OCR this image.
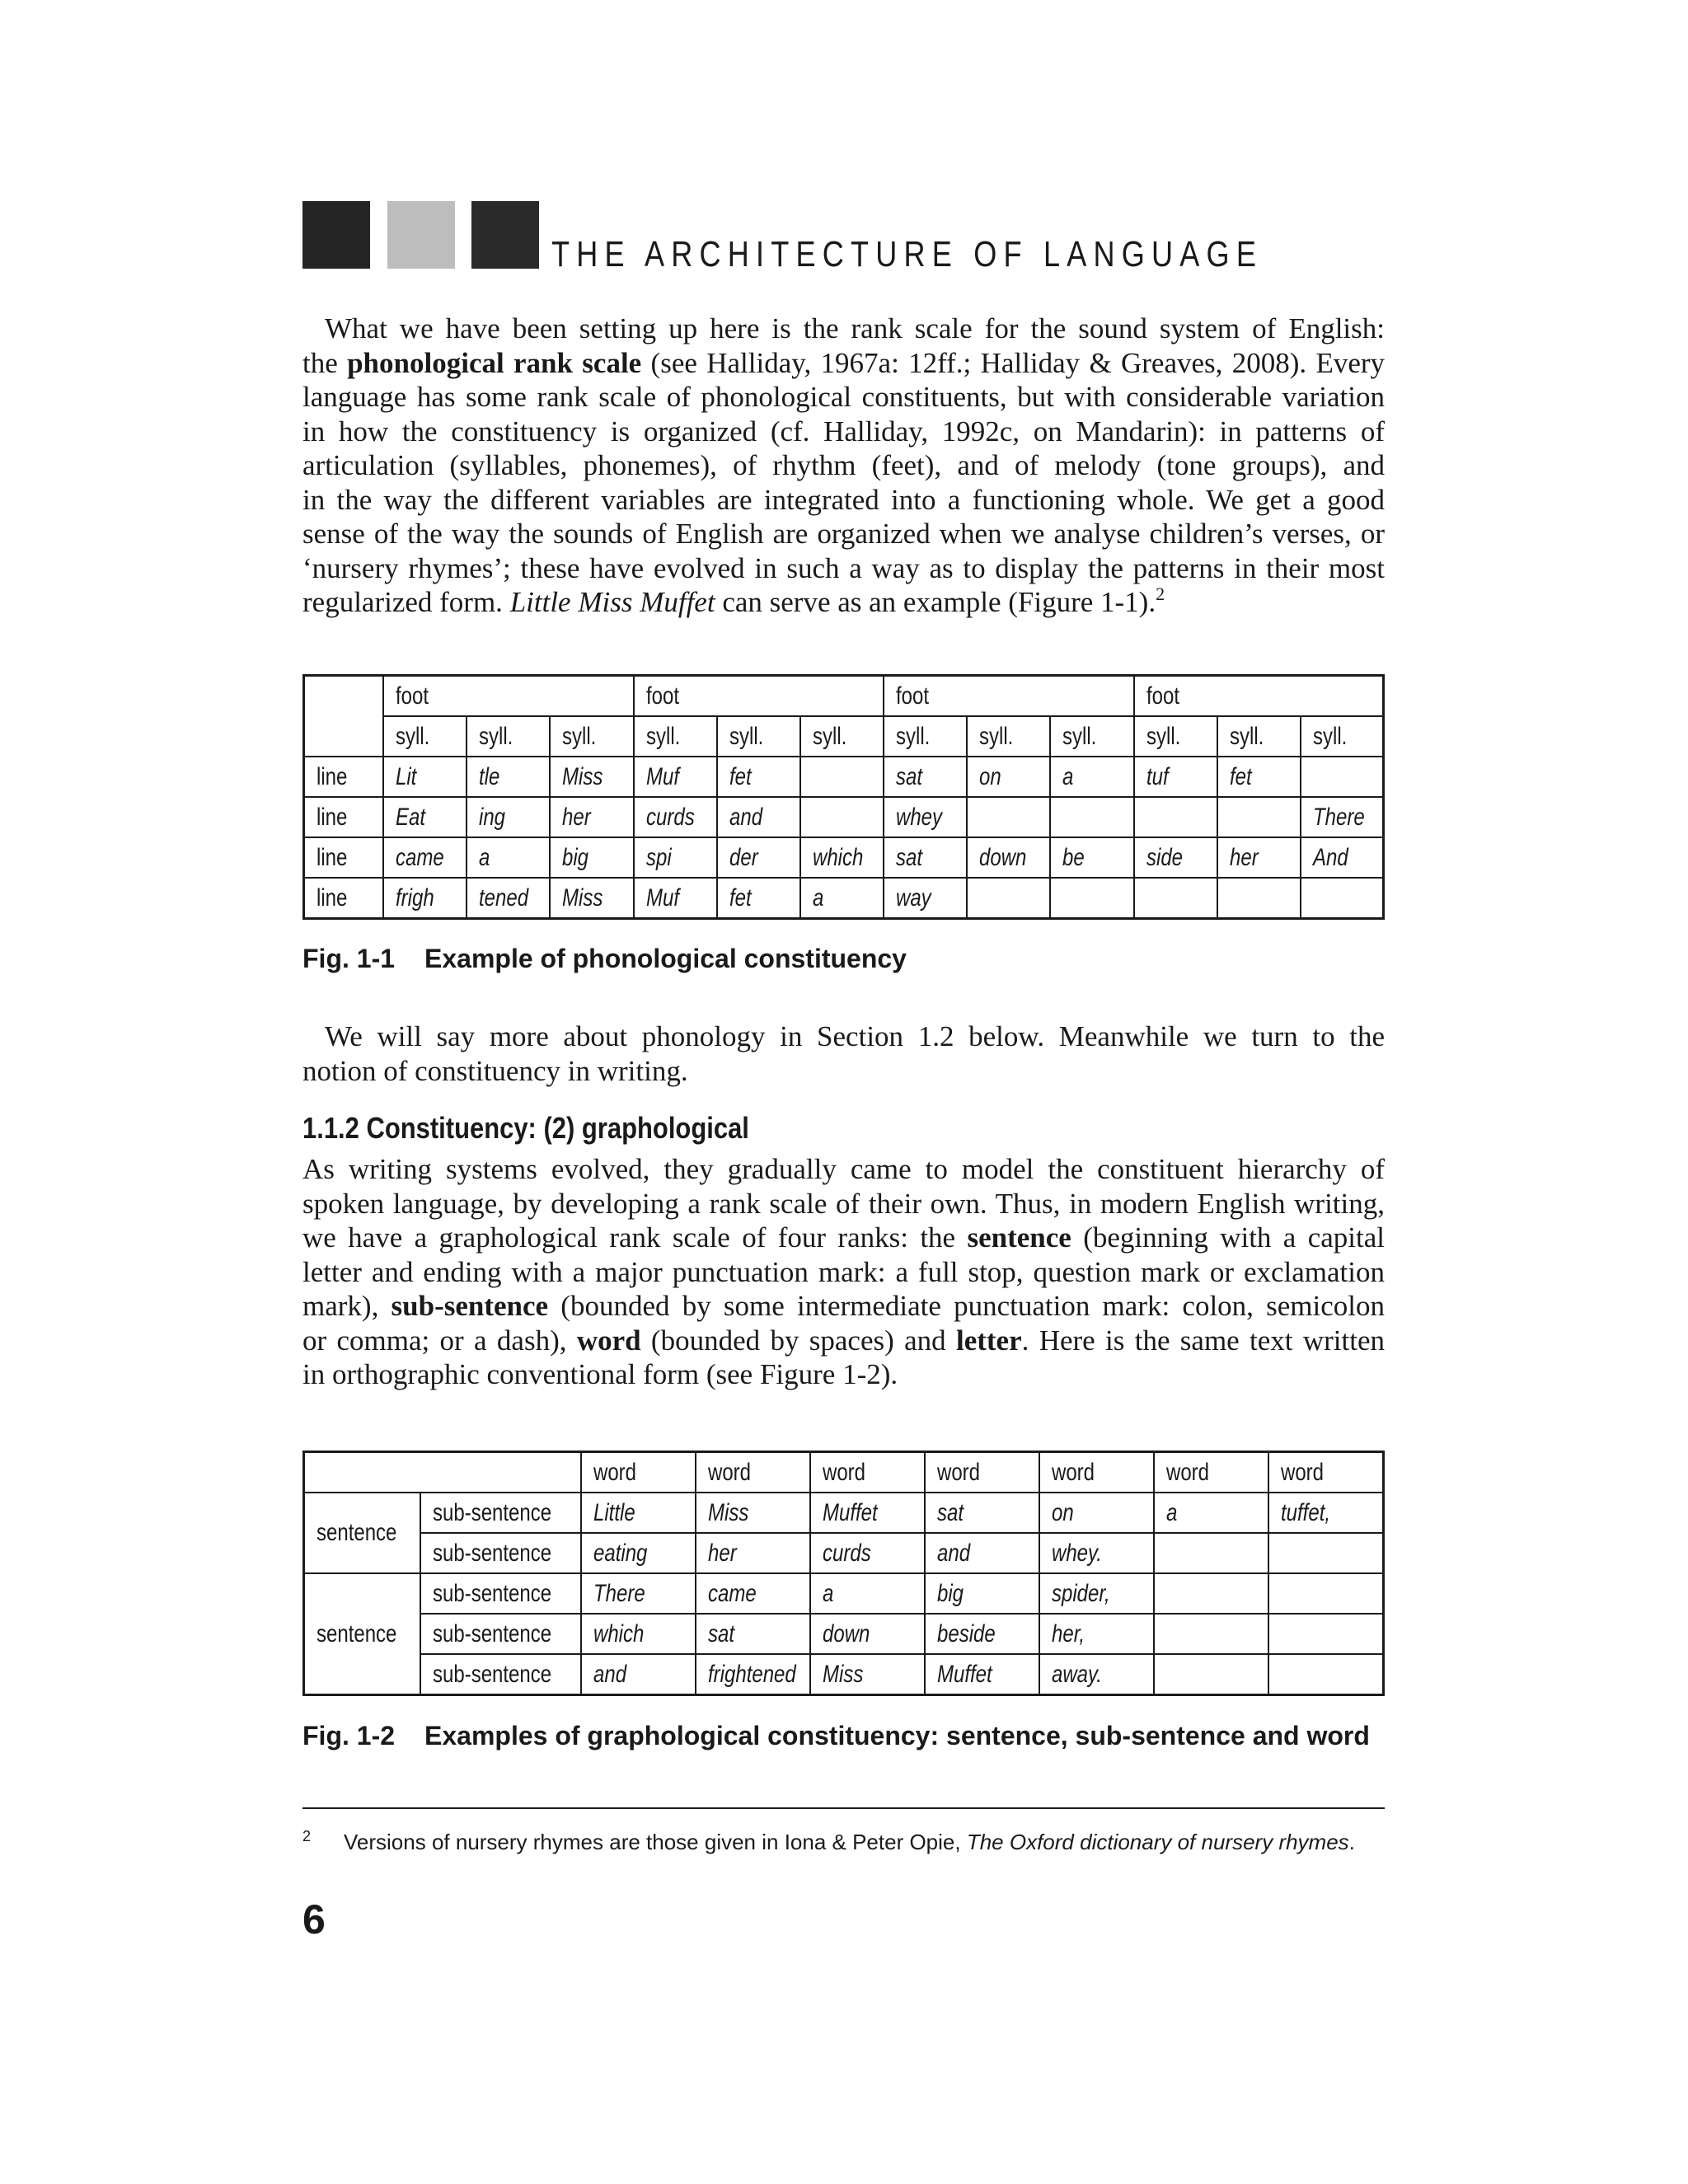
THE ARCHITECTURE OF LANGUAGE
What we have been setting up here is the rank scale for the sound system of English:
the phonological rank scale (see Halliday, 1967a: 12ff.; Halliday & Greaves, 2008). Every
language has some rank scale of phonological constituents, but with considerable variation
in how the constituency is organized (cf. Halliday, 1992c, on Mandarin): in patterns of
articulation (syllables, phonemes), of rhythm (feet), and of melody (tone groups), and
in the way the different variables are integrated into a functioning whole. We get a good
sense of the way the sounds of English are organized when we analyse children’s verses, or
‘nursery rhymes’; these have evolved in such a way as to display the patterns in their most
regularized form. Little Miss Muffet can serve as an example (Figure 1-1).$^2$
	foot			foot			foot			foot		
	syll.	syll.	syll.	syll.	syll.	syll.	syll.	syll.	syll.	syll.	syll.	syll.
line	Lit	tle	Miss	Muf	fet		sat	on	a	tuf	fet	
line	Eat	ing	her	curds	and		whey					There
line	came	a	big	spi	der	which	sat	down	be	side	her	And
line	frigh	tened	Miss	Muf	fet	a	way					
Fig. 1-1 Example of phonological constituency
We will say more about phonology in Section 1.2 below. Meanwhile we turn to the
notion of constituency in writing.
1.1.2 Constituency: (2) graphological
As writing systems evolved, they gradually came to model the constituent hierarchy of
spoken language, by developing a rank scale of their own. Thus, in modern English writing,
we have a graphological rank scale of four ranks: the sentence (beginning with a capital
letter and ending with a major punctuation mark: a full stop, question mark or exclamation
mark), sub-sentence (bounded by some intermediate punctuation mark: colon, semicolon
or comma; or a dash), word (bounded by spaces) and letter. Here is the same text written
in orthographic conventional form (see Figure 1-2).
		word	word	word	word	word	word	word
sentence	sub-sentence	Little	Miss	Muffet	sat	on	a	tuffet,
	sub-sentence	eating	her	curds	and	whey.		
sentence	sub-sentence	There	came	a	big	spider,		
	sub-sentence	which	sat	down	beside	her,		
	sub-sentence	and	frightened	Miss	Muffet	away.		
Fig. 1-2 Examples of graphological constituency: sentence, sub-sentence and word
2 Versions of nursery rhymes are those given in Iona & Peter Opie, The Oxford dictionary of nursery rhymes.
6
